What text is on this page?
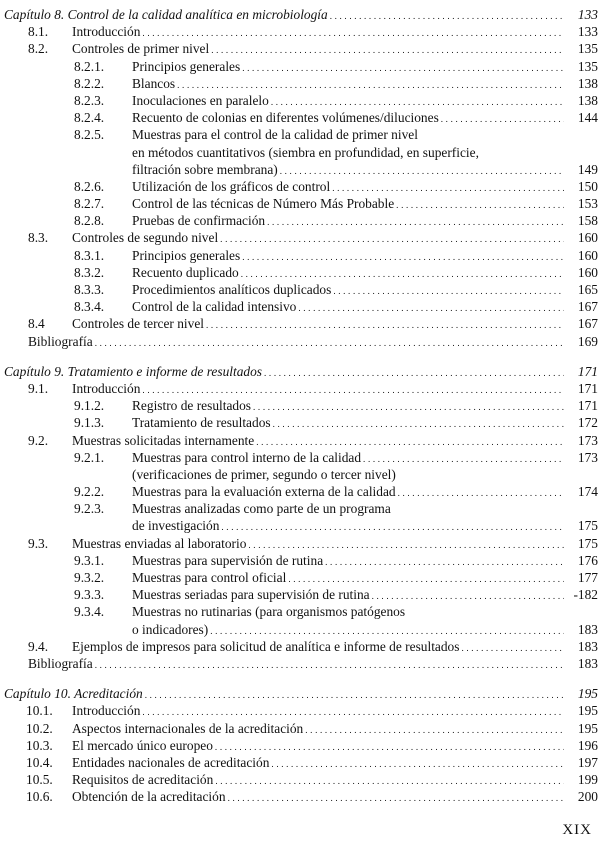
Capítulo 8. Control de la calidad analítica en microbiología . . .	133
8.1. Introducción . . .	133
8.2. Controles de primer nivel . . .	135
8.2.1. Principios generales . . .	135
8.2.2. Blancos . . .	138
8.2.3. Inoculaciones en paralelo . . .	138
8.2.4. Recuento de colonias en diferentes volúmenes/diluciones . . .	144
8.2.5. Muestras para el control de la calidad de primer nivel
en métodos cuantitativos (siembra en profundidad, en superficie,
filtración sobre membrana) . . .	149
8.2.6. Utilización de los gráficos de control . . .	150
8.2.7. Control de las técnicas de Número Más Probable . . .	153
8.2.8. Pruebas de confirmación . . .	158
8.3. Controles de segundo nivel . . .	160
8.3.1. Principios generales . . .	160
8.3.2. Recuento duplicado . . .	160
8.3.3. Procedimientos analíticos duplicados . . .	165
8.3.4. Control de la calidad intensivo . . .	167
8.4 Controles de tercer nivel . . .	167
Bibliografía . . .	169
Capítulo 9. Tratamiento e informe de resultados . . .	171
9.1. Introducción . . .	171
9.1.2. Registro de resultados . . .	171
9.1.3. Tratamiento de resultados . . .	172
9.2. Muestras solicitadas internamente . . .	173
9.2.1. Muestras para control interno de la calidad . . .	173
(verificaciones de primer, segundo o tercer nivel)
9.2.2. Muestras para la evaluación externa de la calidad . . .	174
9.2.3. Muestras analizadas como parte de un programa
de investigación . . .	175
9.3. Muestras enviadas al laboratorio . . .	175
9.3.1. Muestras para supervisión de rutina . . .	176
9.3.2. Muestras para control oficial . . .	177
9.3.3. Muestras seriadas para supervisión de rutina . . .	-182
9.3.4. Muestras no rutinarias (para organismos patógenos
o indicadores) . . .	183
9.4. Ejemplos de impresos para solicitud de analítica e informe de resultados . . .	183
Bibliografía . . .	183
Capítulo 10. Acreditación . . .	195
10.1. Introducción . . .	195
10.2. Aspectos internacionales de la acreditación . . .	195
10.3. El mercado único europeo . . .	196
10.4. Entidades nacionales de acreditación . . .	197
10.5. Requisitos de acreditación . . .	199
10.6. Obtención de la acreditación . . .	200
XIX
